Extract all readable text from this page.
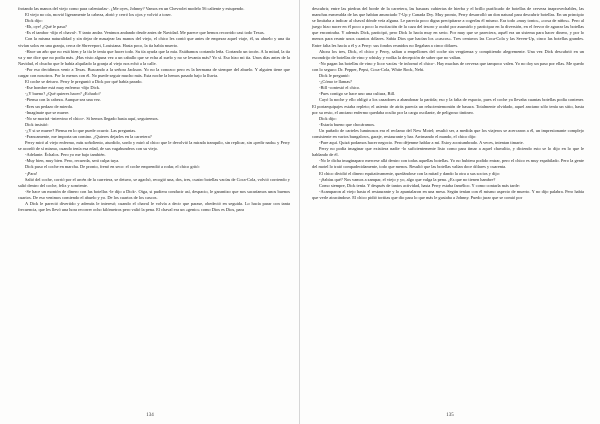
frotando las manos del viejo como para calentarlas-. ¿Me oyes, Johnny? Vamos en un Chevrolet modelo 56 caliente y estupendo.

El viejo no oía, movió ligeramente la cabeza, abrió y cerró los ojos y volvió a toser.

Dick dijo:

-Eh, oye! ¿Qué le pasa?

-Es el tambor -dijo el chaval-. Y tanto andar. Venimos andando desde antes de Navidad. Me parece que hemos recorrido casi todo Texas.

Con la misma naturalidad y sin dejar de masajear las manos del viejo, el chico les contó que antes de empezar aquel viaje, él, su abuelo y una tía vivían solos en una granja, cerca de Shreveport, Louisiana. Hasta poco, la tía había muerto.

-Hace un año que no está bien y la tía le tenía que hacer todo. Su tía ayuda que la mía. Estábamos cortando leña. Cortando un tocón. A la mitad, la tía va y me dice que no podía más. ¡Has visto alguna vez a un caballo que se echa al suelo y no se levanta más? Yo sí. Eso hizo mi tía. Unos días antes de la Navidad, el chucho que le había alquilado la granja al viejo nos echó a la calle.

-Por eso decidimos venir a Texas. Buscando a la señora Jackson. Yo no la conozco pero es la hermana de siempre del abuelo. Y alguien tiene que cargar con nosotros. Por lo menos con él. No puede seguir mucho más. Esta noche la hemos pasado bajo la lluvia.

El coche se detuvo. Perry le preguntó a Dick por qué había parado.

-Ese hombre está muy enfermo -dijo Dick.

-¿Y bueno? ¿Qué quieres hacer? ¿Echarlo?

-Piensa con la cabeza. Aunque sea una vez.

-Eres un pedazo de mierda.

-Imagínate que se muere.

-No se morirá -intervino el chico-. Si hemos llegado hasta aquí, seguiremos.

Dick insistió:

-¿Y si se muere? Piensa en lo que puede ocurrir. Las preguntas.

-Francamente, me importa un comino. ¿Quieres dejarles en la carretera?

Perry miró al viejo enfermo, más soñoliento, aturdido, sordo y miró al chico que le devolvió la mirada tranquilo, sin replicar, sin «pedir nada» y Perry se acordó de sí mismo, cuando tenía esa edad, de sus vagabundeos con su viejo.

-Adelante. Échalos. Pero yo me bajo también.

-Muy bien, muy bien. Pero, recuerda, será culpa tuya.

Dick puso el coche en marcha. De pronto, frenó en seco: el coche emprendió a rodar, el chico gritó:

-¡Para!

Saltó del coche, corrió por el arcén de la carretera, se detuvo, se agachó, recogió una, dos, tres, cuatro botellas vacías de Coca-Cola, volvió corriendo y saltó dentro del coche, feliz y sonriente.

-Se hace un montón de dinero con las botellas -le dijo a Dick-. Oiga, si pudiera conducir así, despacio, le garantizo que nos sacaríamos unos buenos cuartos. De eso venimos comiendo el abuelo y yo. De los cuartos de los cascos.

A Dick le pareció divertido y además le interesó; cuando el chaval le volvía a decir que parase, obedeció en seguida. Lo hacía parar con tanta frecuencia, que les llevó una hora recorrer ocho kilómetros pero valió la pena. El chaval era un «genio» como Dios es Dios, para

134

descubrir, entre las piedras del borde de la carretera, las basuras cubiertas de hierba y el brillo purificado de botellas de cerveza inaprovechables, las manchas esmeralda de las que habían anunciado 7-Up y Canada Dry. Muy pronto, Perry desarrolló un don natural para descubrir botellas. En un principio se limitaba a indicar al chaval dónde veía alguna. Le parecía poco digna precipitarse a cogerlas él mismo. Era todo «muy tonto», «cosa de niños». Pero al juego hizo nacer en él poco a poco la excitación de la caza del tesoro y acabó por asumirlo y participar en la diversión, en el fervor de agarrar las botellas que encontraba. Y además Dick, participó, pero Dick lo hacía muy en serio. Por muy que se pareciera, aquél era un sistema para hacer dinero, y por lo menos para reunir unos cuantos dólares. Sabía Dios que hacían los «cascos». Tres centavos las Coca-Cola y las Seven-Up, cinco las botellas grandes. Entre falta les hacía a él y a Perry: sus fondos reunidos no llegaban a cinco dólares.

Ahora los tres, Dick, el chico y Perry, saltan a empellones del coche sin vergüenza y compitiendo alegremente. Una vez Dick descubrió en un escondrijo de botellas de vino y whisky y vodka la decepción de saber que no valían.

-No pagan las botellas de vino y licor vacías -le informó el chico-. Hay muchas de cerveza que tampoco valen. Yo no doy un paso por ellas. Me quedo con lo seguro: Dr. Pepper, Pepsi, Coca-Cola, White Rock, Nehi.

Dick le preguntó:

-¿Cómo te llamas?

-Bill -contestó el chico.

-Pues contigo se hace uno una cultura, Bill.

Cayó la noche y ello obligó a los cazadores a abandonar la partida; eso y la falta de espacio, pues el coche ya llevaba cuantas botellas podía contener. El portaequipajes estaba repleto; el asiento de atrás parecía un relucientemontón de basura. Totalmente olvidado, aquel anciano sólo tenía un sitio, hasta por su resto, el anciano enfermo quedaba oculto por la carga oscilante, de peligroso tintineo.

Dick dijo:

-Estaría bueno que chocáramos.

Un puñado de carteles luminosos era el reclamo del New Motel; resultó ser, a medida que los viajeros se acercaron a él, un impresionante complejo consistente en varios bungalows, garaje, restaurante y bar. Arrimando el mando, el chico dijo:

-Pare aquí. Quizá podamos hacer negocio. Pero déjenme hablar a mí. Estoy acostumbrado. A veces, intentan timarte.

Perry no podía imaginar que existiera nadie -lo suficientemente listo como para timar a aquel chavalito, y diciendo esto se lo dijo en lo que le hablando de él.

-No le dicha imaginaparo mercese allá dentro con todas aquellas botellas. Yo no hubiera podido entrar, pero el chico es muy espabilado. Pero la gente del motel lo trató compadecidamente, todo que menos. Resultó que las botellas valían doce dólares y cuarenta.

El chico dividió el dinero equitativamente, quedándose con la mitad y dando la otra a sus socios y dijo:

-¡Sabías qué? Nos vamos a zampar, el viejo y yo, algo que valga la pena. ¿Es que no tienen hambre?

Como siempre, Dick tenía. Y después de tantos actividad, hasta Perry estaba famélico. Y como contarla más tarde:

-Acamparon al viejo hasta el restaurante y lo apuntalaron en una mesa. Según tenían con él mismo aspecto de muerto. Y no dijo palabra. Pero había que verle atracándose. El chico pidió tortitas que dio para lo que más le gustaba a Johnny. Puedo jurar que se comió por

135
